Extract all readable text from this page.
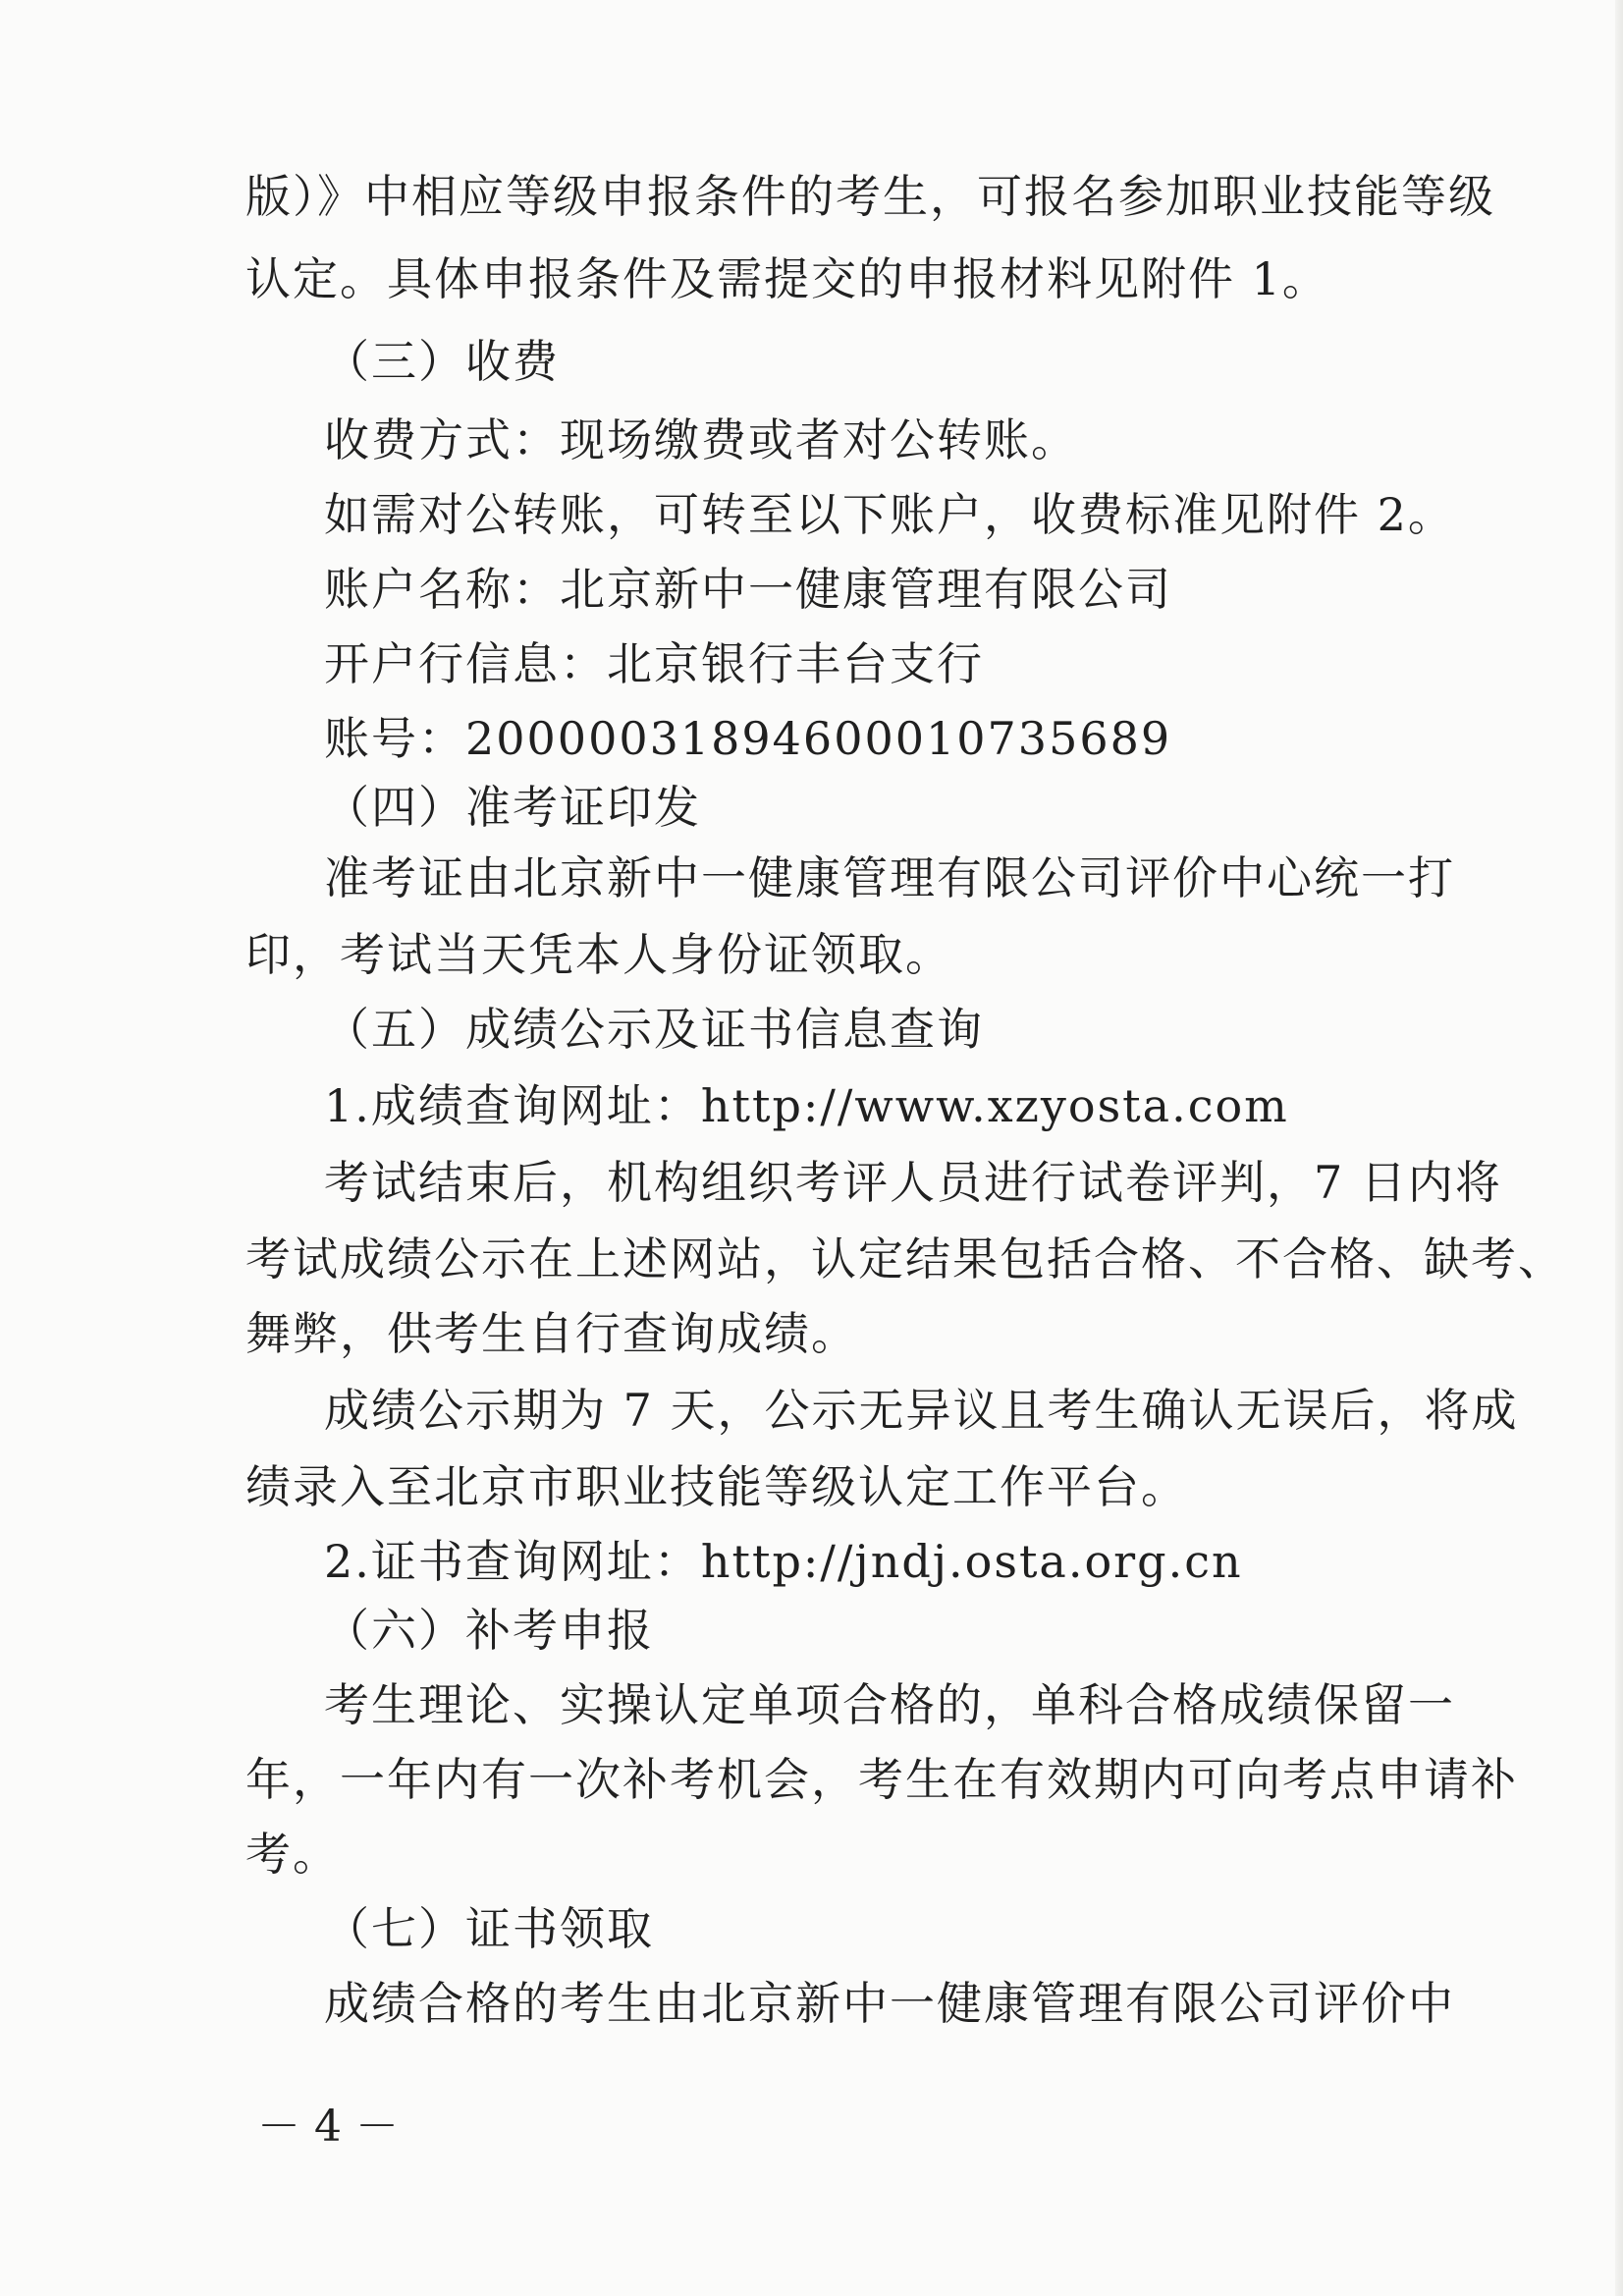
版）》中相应等级申报条件的考生，可报名参加职业技能等级
认定。具体申报条件及需提交的申报材料见附件 1。
（三）收费
收费方式：现场缴费或者对公转账。
如需对公转账，可转至以下账户，收费标准见附件 2。
账户名称：北京新中一健康管理有限公司
开户行信息：北京银行丰台支行
账号：20000031894600010735689
（四）准考证印发
准考证由北京新中一健康管理有限公司评价中心统一打
印，考试当天凭本人身份证领取。
（五）成绩公示及证书信息查询
1.成绩查询网址：http://www.xzyosta.com
考试结束后，机构组织考评人员进行试卷评判，7 日内将
考试成绩公示在上述网站，认定结果包括合格、不合格、缺考、
舞弊，供考生自行查询成绩。
成绩公示期为 7 天，公示无异议且考生确认无误后，将成
绩录入至北京市职业技能等级认定工作平台。
2.证书查询网址：http://jndj.osta.org.cn
（六）补考申报
考生理论、实操认定单项合格的，单科合格成绩保留一
年，一年内有一次补考机会，考生在有效期内可向考点申请补
考。
（七）证书领取
成绩合格的考生由北京新中一健康管理有限公司评价中
－ 4 －
